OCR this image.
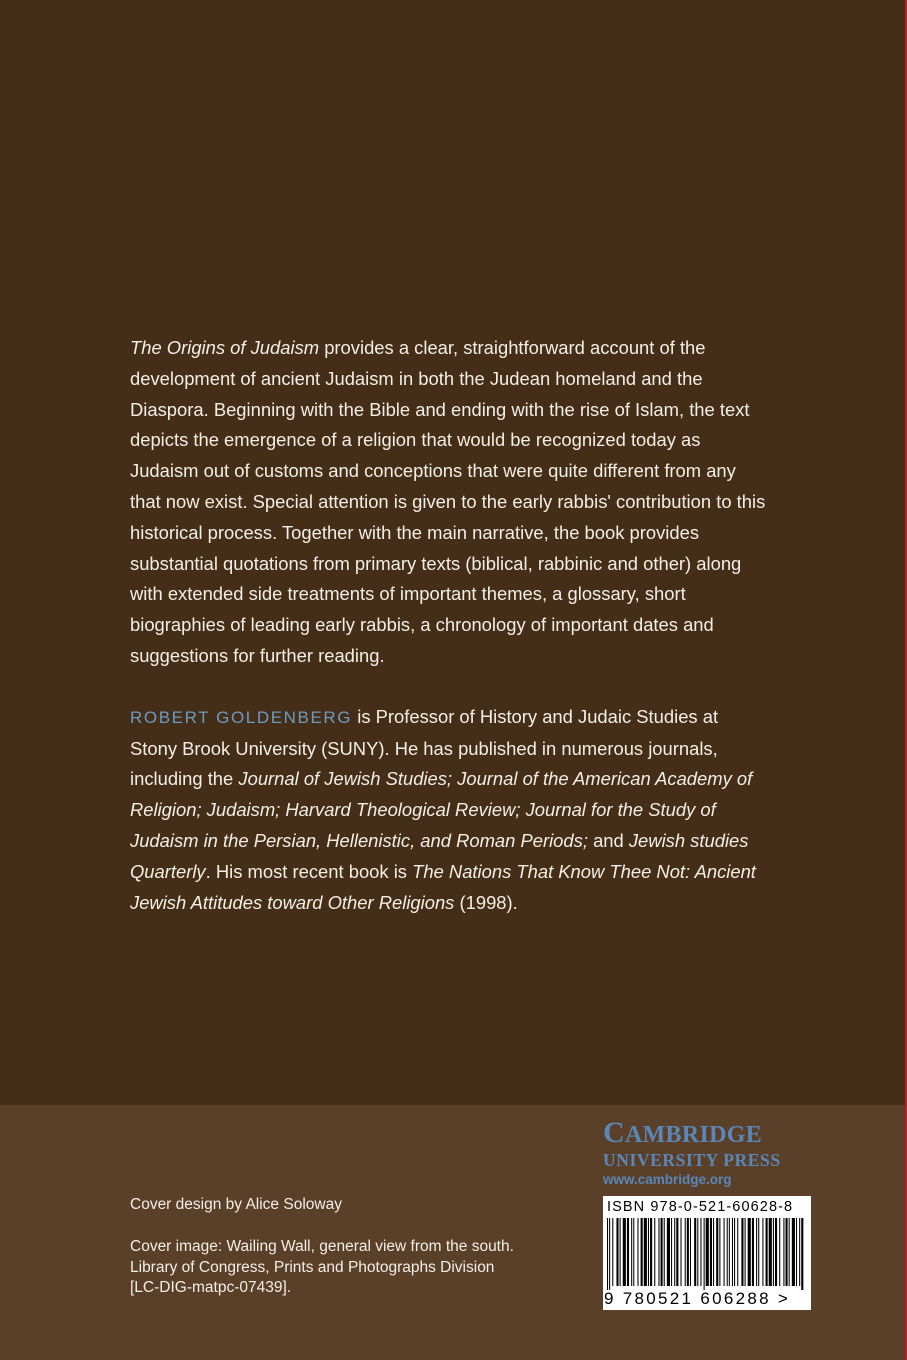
The Origins of Judaism provides a clear, straightforward account of the development of ancient Judaism in both the Judean homeland and the Diaspora. Beginning with the Bible and ending with the rise of Islam, the text depicts the emergence of a religion that would be recognized today as Judaism out of customs and conceptions that were quite different from any that now exist. Special attention is given to the early rabbis' contribution to this historical process. Together with the main narrative, the book provides substantial quotations from primary texts (biblical, rabbinic and other) along with extended side treatments of important themes, a glossary, short biographies of leading early rabbis, a chronology of important dates and suggestions for further reading.

ROBERT GOLDENBERG is Professor of History and Judaic Studies at Stony Brook University (SUNY). He has published in numerous journals, including the Journal of Jewish Studies; Journal of the American Academy of Religion; Judaism; Harvard Theological Review; Journal for the Study of Judaism in the Persian, Hellenistic, and Roman Periods; and Jewish studies Quarterly. His most recent book is The Nations That Know Thee Not: Ancient Jewish Attitudes toward Other Religions (1998).

Cover design by Alice Soloway
Cover image: Wailing Wall, general view from the south.
Library of Congress, Prints and Photographs Division
[LC-DIG-matpc-07439].
CAMBRIDGE
UNIVERSITY PRESS
www.cambridge.org
ISBN 978-0-521-60628-8
9 780521 606288 >
